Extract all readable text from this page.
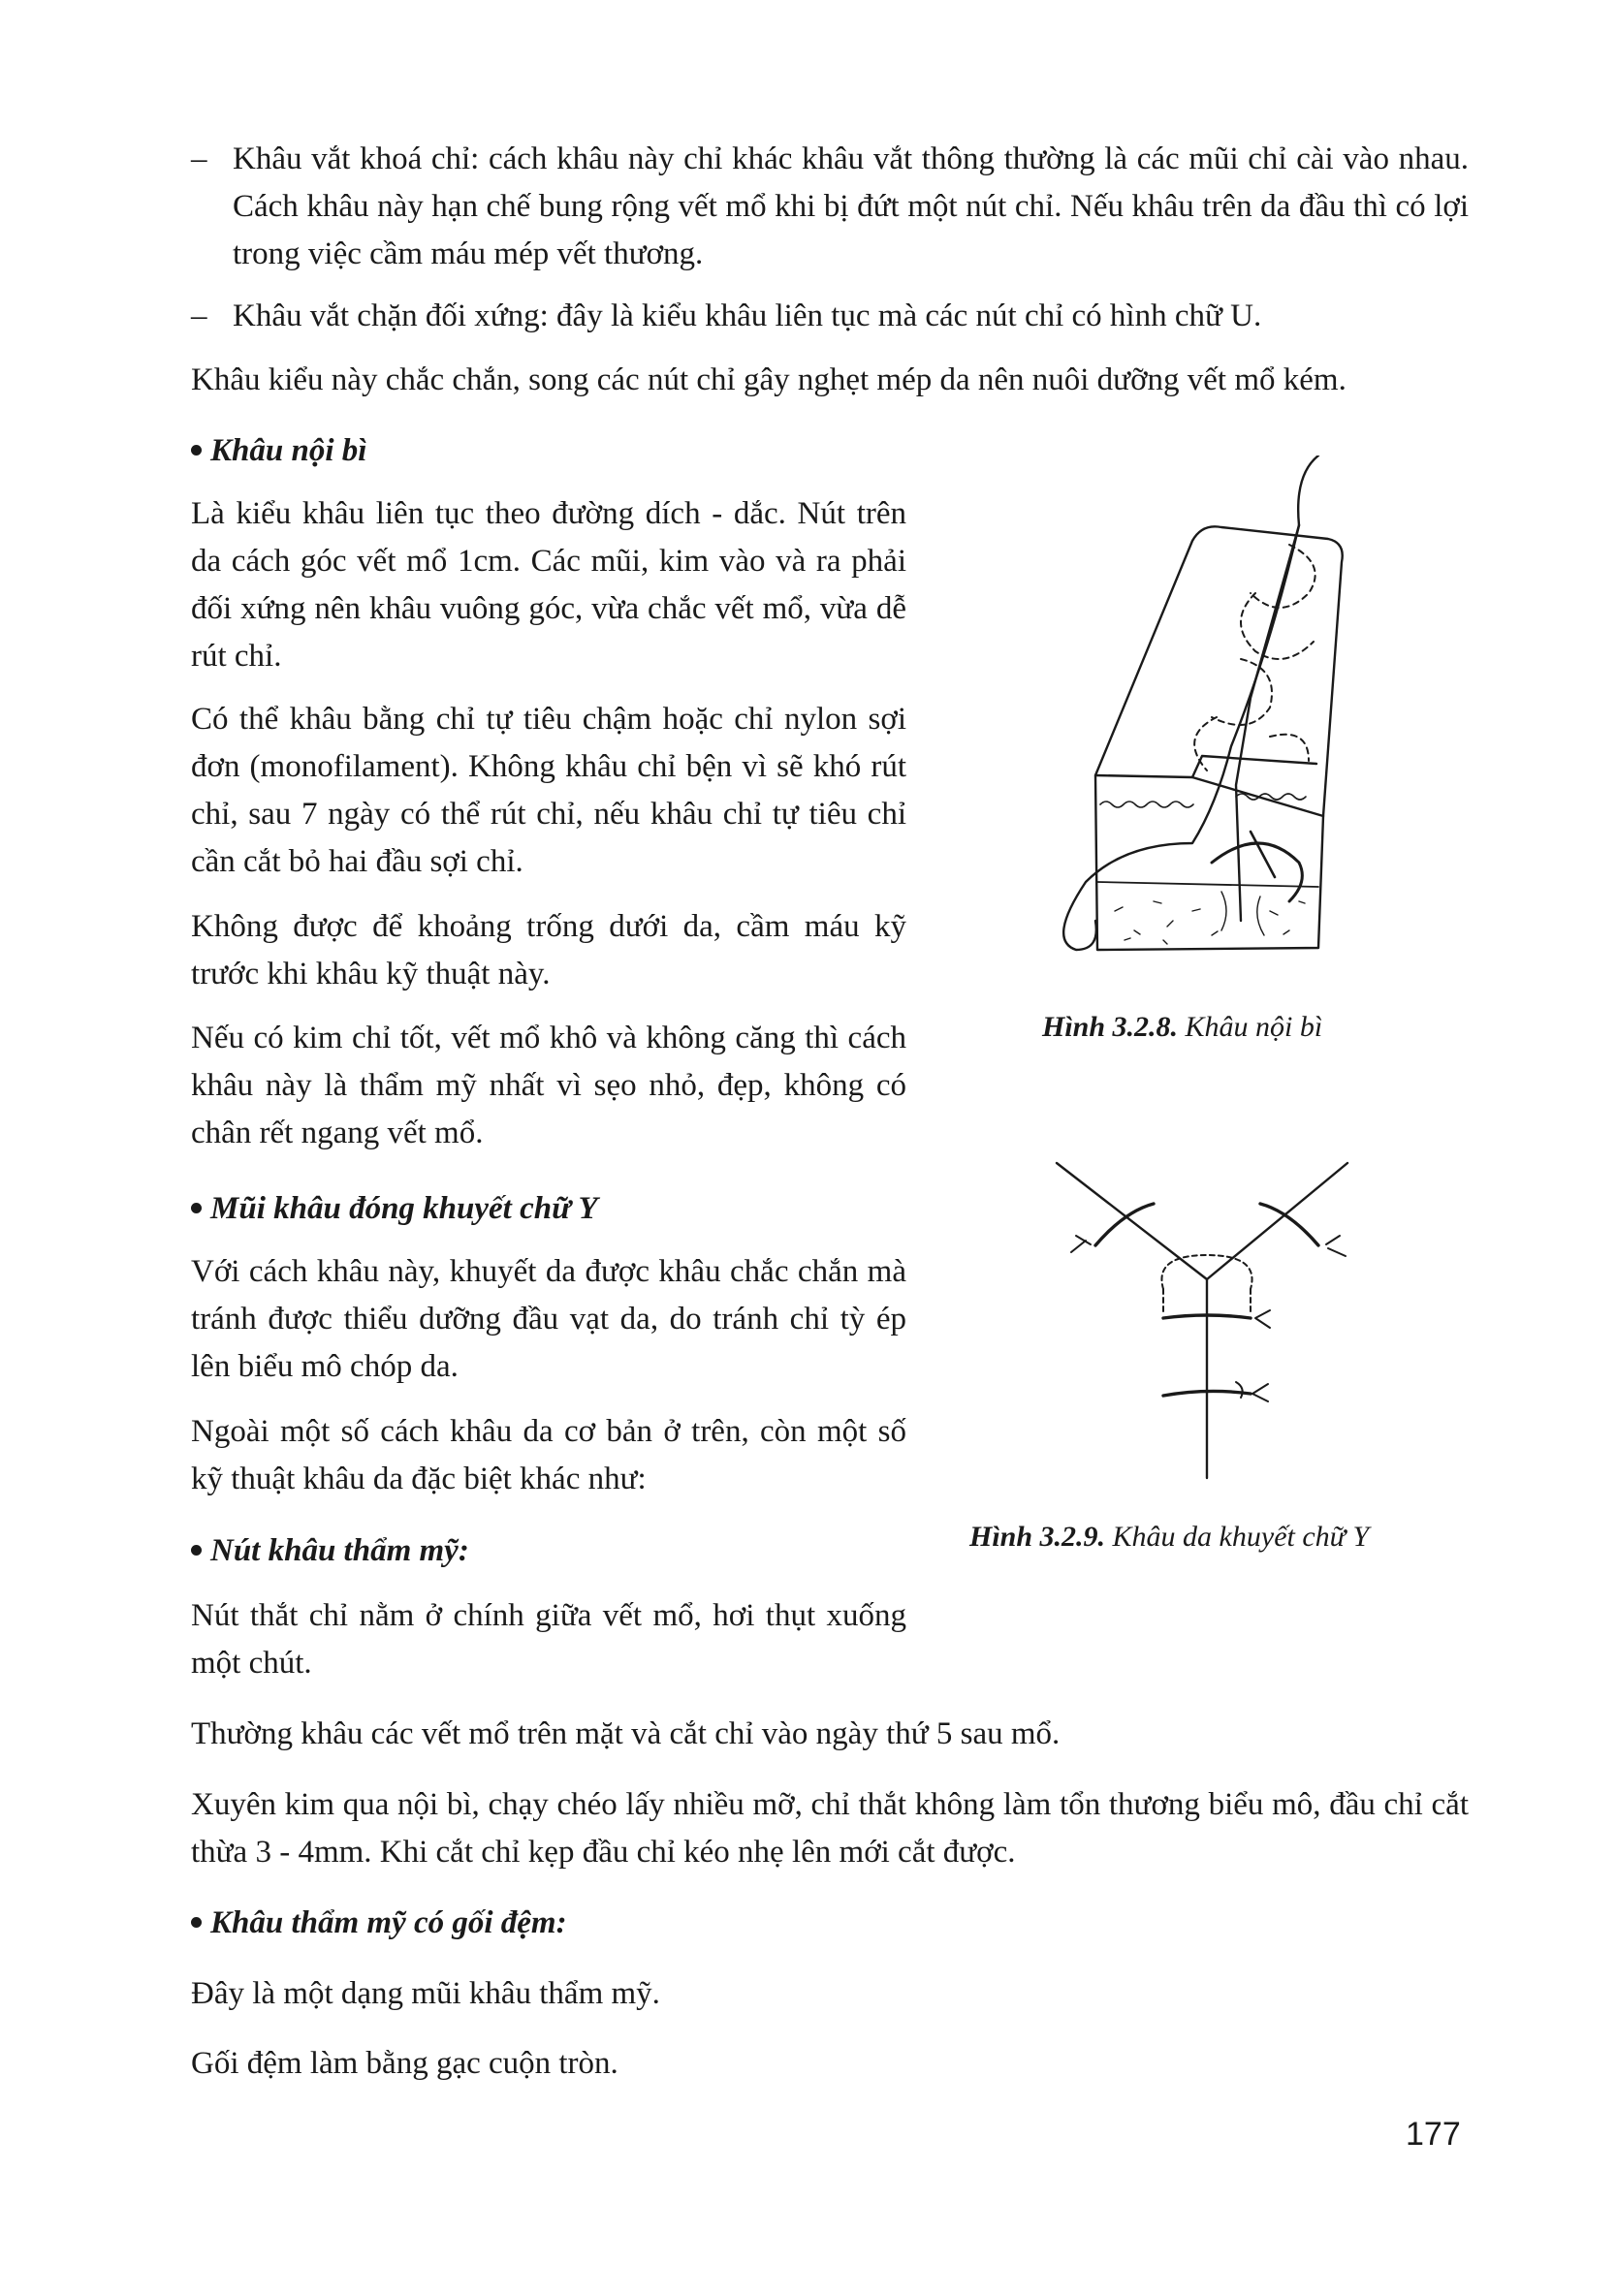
– Khâu vắt khoá chỉ: cách khâu này chỉ khác khâu vắt thông thường là các mũi chỉ cài vào nhau. Cách khâu này hạn chế bung rộng vết mổ khi bị đứt một nút chỉ. Nếu khâu trên da đầu thì có lợi trong việc cầm máu mép vết thương.

– Khâu vắt chặn đối xứng: đây là kiểu khâu liên tục mà các nút chỉ có hình chữ U.

Khâu kiểu này chắc chắn, song các nút chỉ gây nghẹt mép da nên nuôi dưỡng vết mổ kém.

Khâu nội bì

Là kiểu khâu liên tục theo đường dích - dắc. Nút trên da cách góc vết mổ 1cm. Các mũi, kim vào và ra phải đối xứng nên khâu vuông góc, vừa chắc vết mổ, vừa dễ rút chỉ.

Có thể khâu bằng chỉ tự tiêu chậm hoặc chỉ nylon sợi đơn (monofilament). Không khâu chỉ bện vì sẽ khó rút chỉ, sau 7 ngày có thể rút chỉ, nếu khâu chỉ tự tiêu chỉ cần cắt bỏ hai đầu sợi chỉ.

Không được để khoảng trống dưới da, cầm máu kỹ trước khi khâu kỹ thuật này.

Nếu có kim chỉ tốt, vết mổ khô và không căng thì cách khâu này là thẩm mỹ nhất vì sẹo nhỏ, đẹp, không có chân rết ngang vết mổ.

Mũi khâu đóng khuyết chữ Y

Với cách khâu này, khuyết da được khâu chắc chắn mà tránh được thiểu dưỡng đầu vạt da, do tránh chỉ tỳ ép lên biểu mô chóp da.

Ngoài một số cách khâu da cơ bản ở trên, còn một số kỹ thuật khâu da đặc biệt khác như:

Nút khâu thẩm mỹ:

Nút thắt chỉ nằm ở chính giữa vết mổ, hơi thụt xuống một chút.

Thường khâu các vết mổ trên mặt và cắt chỉ vào ngày thứ 5 sau mổ.

Xuyên kim qua nội bì, chạy chéo lấy nhiều mỡ, chỉ thắt không làm tổn thương biểu mô, đầu chỉ cắt thừa 3 - 4mm. Khi cắt chỉ kẹp đầu chỉ kéo nhẹ lên mới cắt được.

Khâu thẩm mỹ có gối đệm:

Đây là một dạng mũi khâu thẩm mỹ.

Gối đệm làm bằng gạc cuộn tròn.

Hình 3.2.8. Khâu nội bì
Hình 3.2.9. Khâu da khuyết chữ Y
177
